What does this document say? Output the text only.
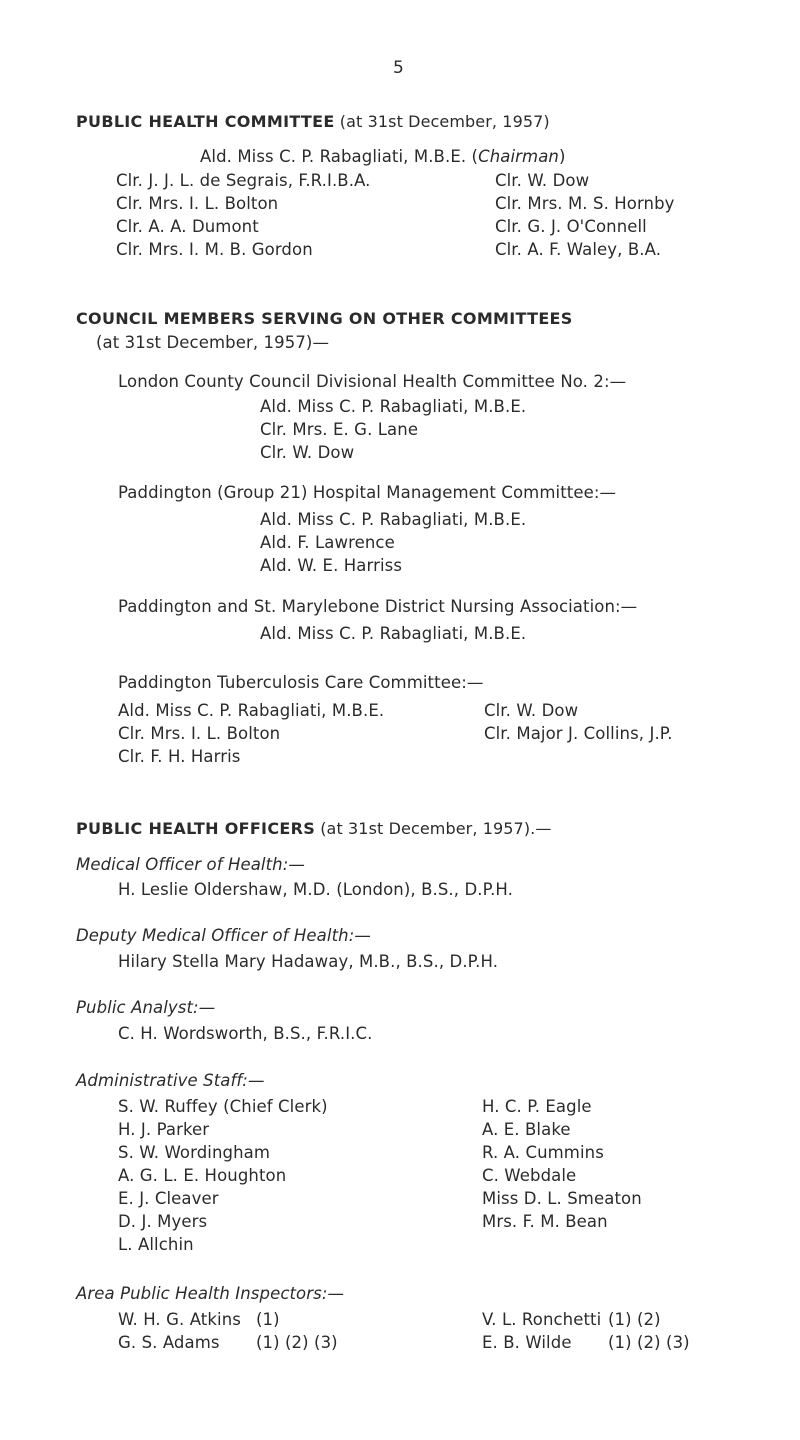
5
PUBLIC HEALTH COMMITTEE (at 31st December, 1957)
Ald. Miss C. P. Rabagliati, M.B.E. (Chairman)
Clr. J. J. L. de Segrais, F.R.I.B.A.
Clr. Mrs. I. L. Bolton
Clr. A. A. Dumont
Clr. Mrs. I. M. B. Gordon
Clr. W. Dow
Clr. Mrs. M. S. Hornby
Clr. G. J. O'Connell
Clr. A. F. Waley, B.A.
COUNCIL MEMBERS SERVING ON OTHER COMMITTEES
(at 31st December, 1957)—
London County Council Divisional Health Committee No. 2:—
Ald. Miss C. P. Rabagliati, M.B.E.
Clr. Mrs. E. G. Lane
Clr. W. Dow
Paddington (Group 21) Hospital Management Committee:—
Ald. Miss C. P. Rabagliati, M.B.E.
Ald. F. Lawrence
Ald. W. E. Harriss
Paddington and St. Marylebone District Nursing Association:—
Ald. Miss C. P. Rabagliati, M.B.E.
Paddington Tuberculosis Care Committee:—
Ald. Miss C. P. Rabagliati, M.B.E.
Clr. Mrs. I. L. Bolton
Clr. F. H. Harris
Clr. W. Dow
Clr. Major J. Collins, J.P.
PUBLIC HEALTH OFFICERS (at 31st December, 1957).—
Medical Officer of Health:—
H. Leslie Oldershaw, M.D. (London), B.S., D.P.H.
Deputy Medical Officer of Health:—
Hilary Stella Mary Hadaway, M.B., B.S., D.P.H.
Public Analyst:—
C. H. Wordsworth, B.S., F.R.I.C.
Administrative Staff:—
S. W. Ruffey (Chief Clerk)
H. J. Parker
S. W. Wordingham
A. G. L. E. Houghton
E. J. Cleaver
D. J. Myers
L. Allchin
H. C. P. Eagle
A. E. Blake
R. A. Cummins
C. Webdale
Miss D. L. Smeaton
Mrs. F. M. Bean
Area Public Health Inspectors:—
W. H. G. Atkins (1)	V. L. Ronchetti (1) (2)
G. S. Adams (1) (2) (3)	E. B. Wilde (1) (2) (3)
